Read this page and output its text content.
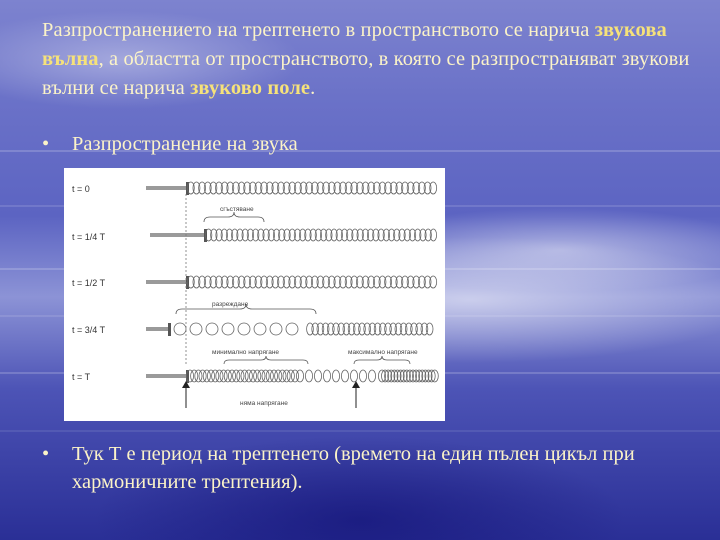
Разпространението на трептенето в пространството се нарича звукова вълна, а областта от пространството, в която се разпространяват звукови вълни се нарича звуково поле.
• Разпространение на звука
t = 0
t = 1/4 T
t = 1/2 T
t = 3/4 T
t = T
сгъстяване
разреждане
минимално напрягане	максимално напрягане
няма напрягане
• Тук Т е период на трептенето (времето на един пълен цикъл при хармоничните трептения).
